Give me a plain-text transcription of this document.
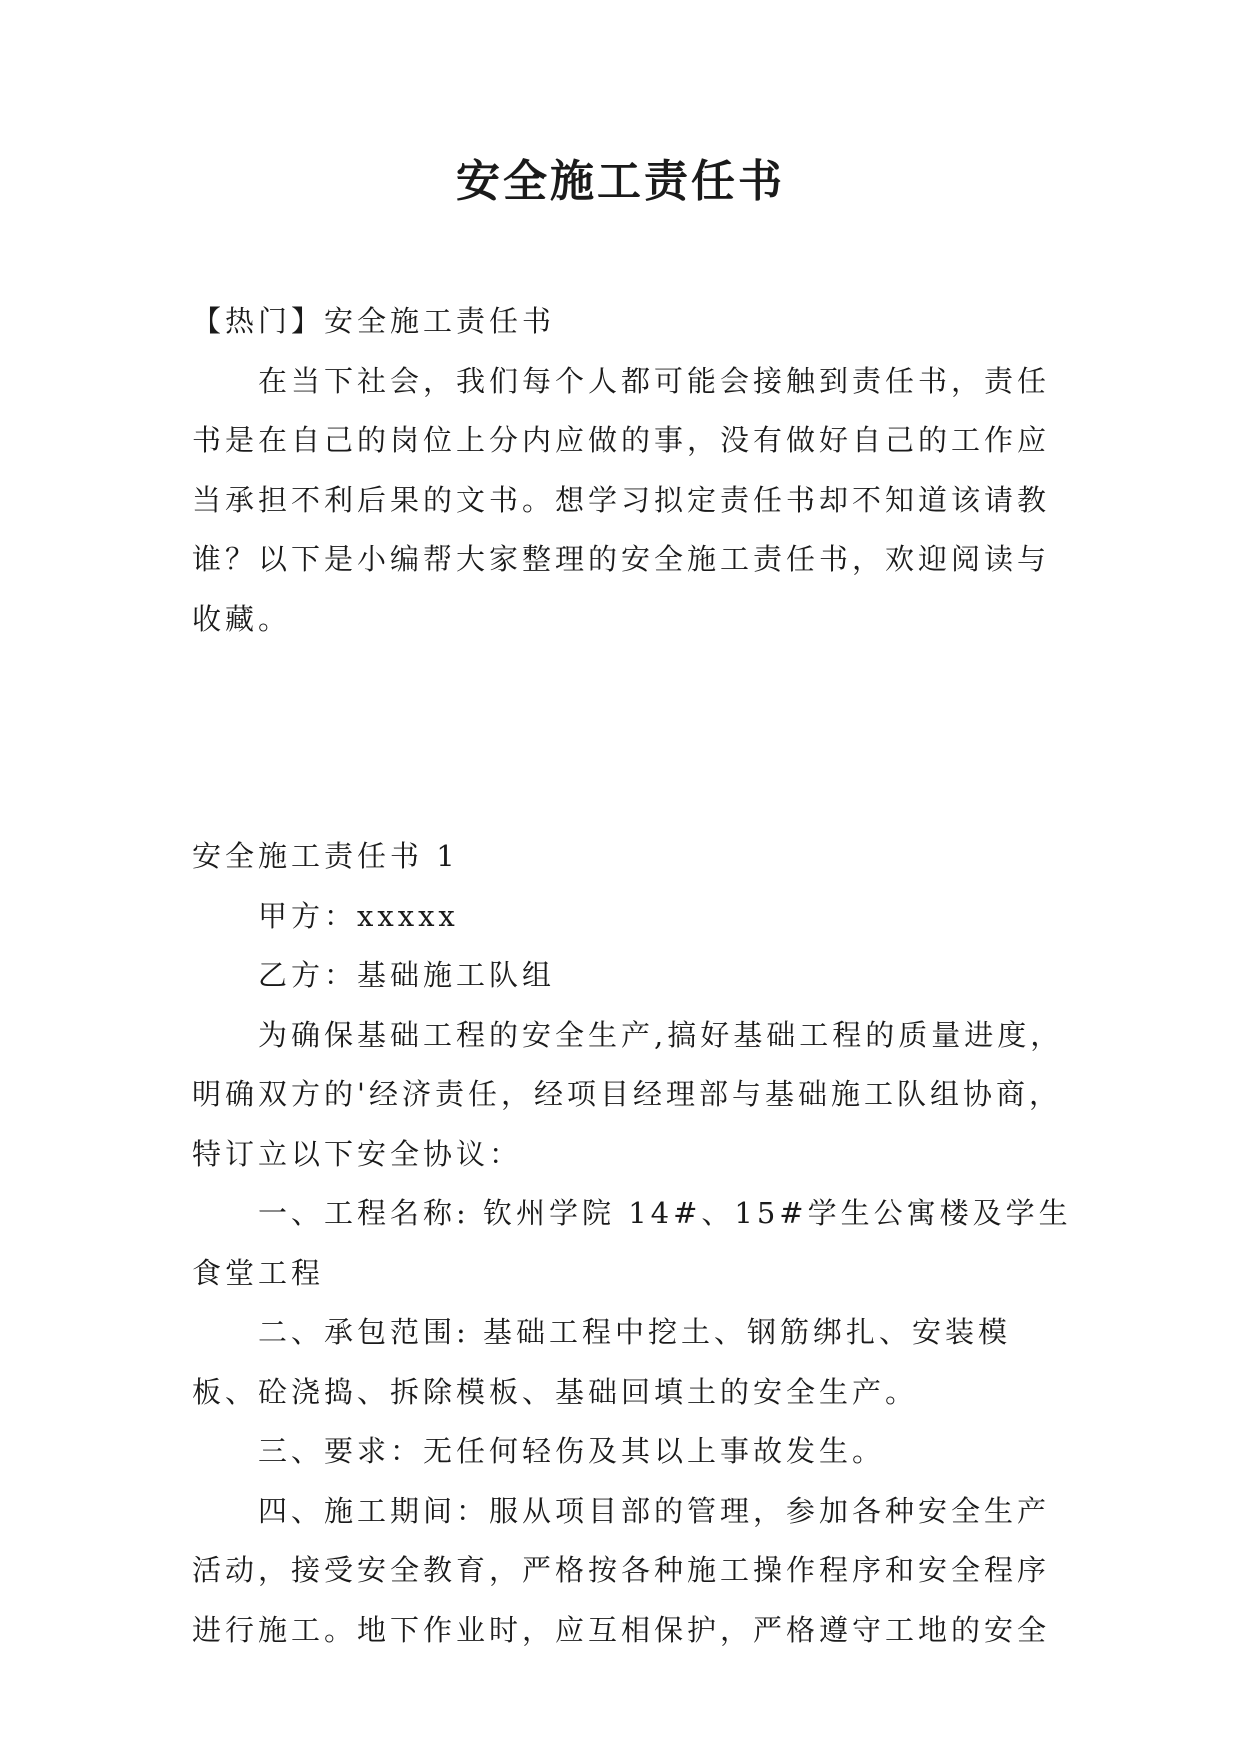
安全施工责任书

【热门】安全施工责任书

在当下社会，我们每个人都可能会接触到责任书，责任书是在自己的岗位上分内应做的事，没有做好自己的工作应当承担不利后果的文书。想学习拟定责任书却不知道该请教谁？以下是小编帮大家整理的安全施工责任书，欢迎阅读与收藏。

安全施工责任书 1

甲方：xxxxx

乙方：基础施工队组

为确保基础工程的安全生产,搞好基础工程的质量进度，明确双方的'经济责任，经项目经理部与基础施工队组协商，特订立以下安全协议：

一、工程名称: 钦州学院 14#、15#学生公寓楼及学生食堂工程

二、承包范围: 基础工程中挖土、钢筋绑扎、安装模板、砼浇捣、拆除模板、基础回填土的安全生产。

三、要求：无任何轻伤及其以上事故发生。

四、施工期间：服从项目部的管理，参加各种安全生产活动，接受安全教育，严格按各种施工操作程序和安全程序进行施工。地下作业时，应互相保护，严格遵守工地的安全
